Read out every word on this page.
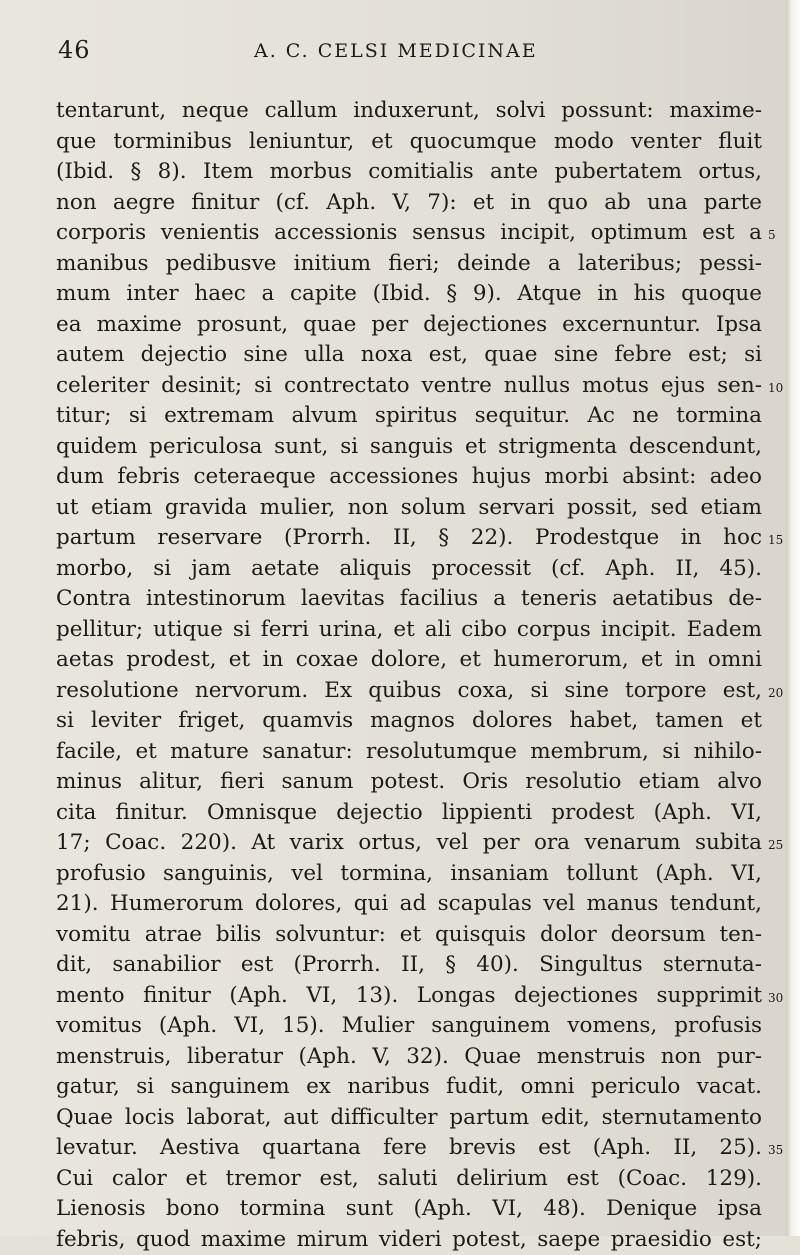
46	A. C. CELSI MEDICINAE
tentarunt, neque callum induxerunt, solvi possunt: maxime-
que torminibus leniuntur, et quocumque modo venter fluit
(Ibid. § 8). Item morbus comitialis ante pubertatem ortus,
non aegre finitur (cf. Aph. V, 7): et in quo ab una parte
corporis venientis accessionis sensus incipit, optimum est a 5
manibus pedibusve initium fieri; deinde a lateribus; pessi-
mum inter haec a capite (Ibid. § 9). Atque in his quoque
ea maxime prosunt, quae per dejectiones excernuntur. Ipsa
autem dejectio sine ulla noxa est, quae sine febre est; si
celeriter desinit; si contrectato ventre nullus motus ejus sen- 10
titur; si extremam alvum spiritus sequitur. Ac ne tormina
quidem periculosa sunt, si sanguis et strigmenta descendunt,
dum febris ceteraeque accessiones hujus morbi absint: adeo
ut etiam gravida mulier, non solum servari possit, sed etiam
partum reservare (Prorrh. II, § 22). Prodestque in hoc 15
morbo, si jam aetate aliquis processit (cf. Aph. II, 45).
Contra intestinorum laevitas facilius a teneris aetatibus de-
pellitur; utique si ferri urina, et ali cibo corpus incipit. Eadem
aetas prodest, et in coxae dolore, et humerorum, et in omni
resolutione nervorum. Ex quibus coxa, si sine torpore est, 20
si leviter friget, quamvis magnos dolores habet, tamen et
facile, et mature sanatur: resolutumque membrum, si nihilo-
minus alitur, fieri sanum potest. Oris resolutio etiam alvo
cita finitur. Omnisque dejectio lippienti prodest (Aph. VI,
17; Coac. 220). At varix ortus, vel per ora venarum subita 25
profusio sanguinis, vel tormina, insaniam tollunt (Aph. VI,
21). Humerorum dolores, qui ad scapulas vel manus tendunt,
vomitu atrae bilis solvuntur: et quisquis dolor deorsum ten-
dit, sanabilior est (Prorrh. II, § 40). Singultus sternuta-
mento finitur (Aph. VI, 13). Longas dejectiones supprimit 30
vomitus (Aph. VI, 15). Mulier sanguinem vomens, profusis
menstruis, liberatur (Aph. V, 32). Quae menstruis non pur-
gatur, si sanguinem ex naribus fudit, omni periculo vacat.
Quae locis laborat, aut difficulter partum edit, sternutamento
levatur. Aestiva quartana fere brevis est (Aph. II, 25). 35
Cui calor et tremor est, saluti delirium est (Coac. 129).
Lienosis bono tormina sunt (Aph. VI, 48). Denique ipsa
febris, quod maxime mirum videri potest, saepe praesidio est;
